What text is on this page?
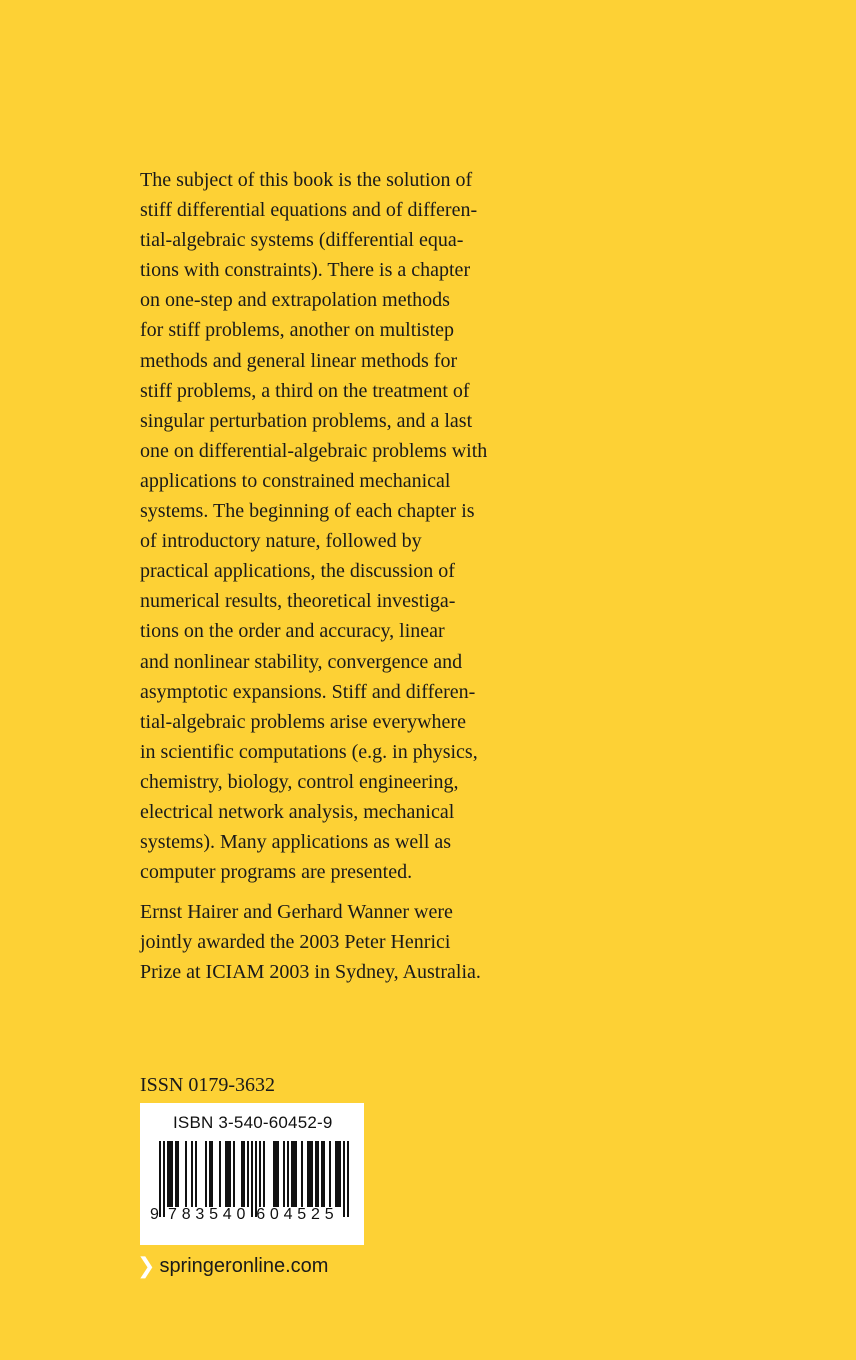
The subject of this book is the solution of
stiff differential equations and of differen-
tial-algebraic systems (differential equa-
tions with constraints). There is a chapter
on one-step and extrapolation methods
for stiff problems, another on multistep
methods and general linear methods for
stiff problems, a third on the treatment of
singular perturbation problems, and a last
one on differential-algebraic problems with
applications to constrained mechanical
systems. The beginning of each chapter is
of introductory nature, followed by
practical applications, the discussion of
numerical results, theoretical investiga-
tions on the order and accuracy, linear
and nonlinear stability, convergence and
asymptotic expansions. Stiff and differen-
tial-algebraic problems arise everywhere
in scientific computations (e.g. in physics,
chemistry, biology, control engineering,
electrical network analysis, mechanical
systems). Many applications as well as
computer programs are presented.
Ernst Hairer and Gerhard Wanner were
jointly awarded the 2003 Peter Henrici
Prize at ICIAM 2003 in Sydney, Australia.
ISSN 0179-3632
ISBN 3-540-60452-9
9 783540 604525
❯ springeronline.com
